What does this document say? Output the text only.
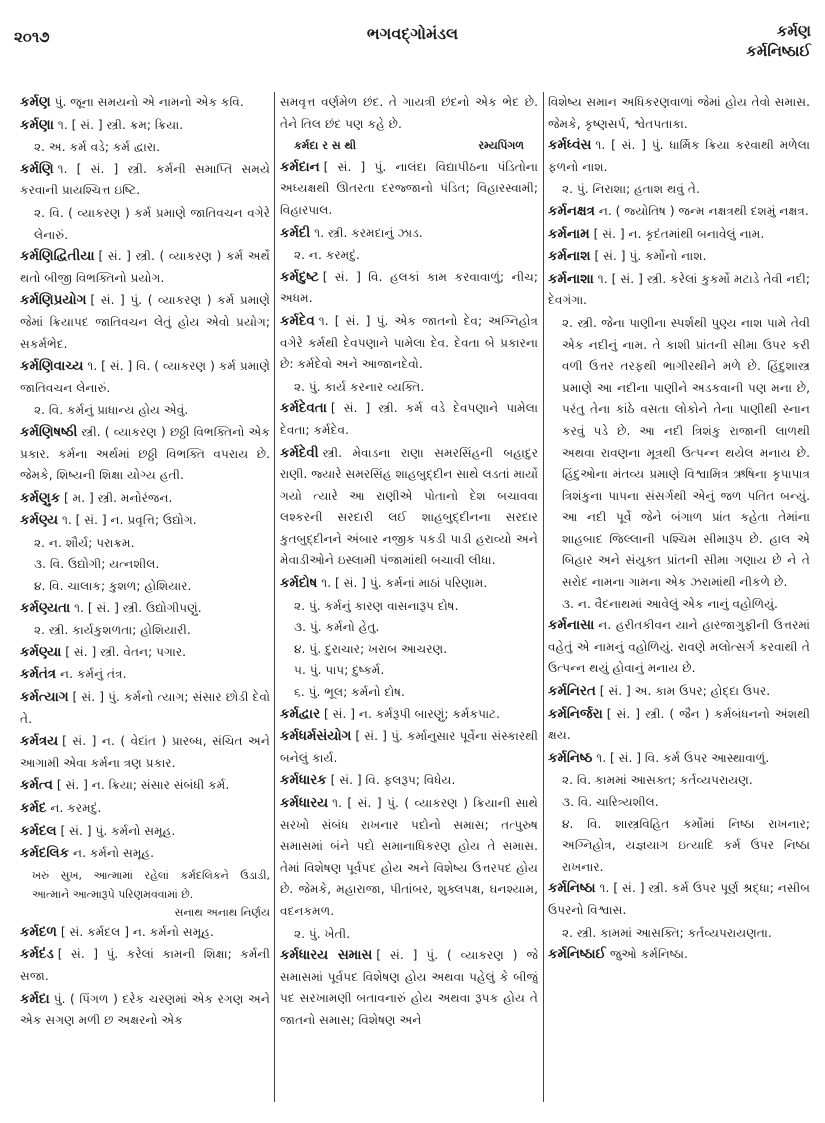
૨૦૧૭	ભગવદ્ગોમંડલ	કર્મણ
કર્મનિષ્ઠાઈ
કર્મણ પું. જૂના સમયનો એ નામનો એક કવિ.
કર્મણા ૧. [ સં. ] સ્ત્રી. ક્રમ; ક્રિયા.
૨. અ. કર્મ વડે; કર્મ દ્વારા.
કર્મણિ ૧. [ સં. ] સ્ત્રી. કર્મની સમાપ્તિ સમયે કરવાની પ્રાયશ્ચિત્ત ઇષ્ટિ.
૨. વિ. ( વ્યાકરણ ) કર્મ પ્રમાણે જાતિવચન વગેરે લેનારું.
કર્મણિદ્વિતીયા [ સં. ] સ્ત્રી. ( વ્યાકરણ ) કર્મ અર્થે થતો બીજી વિભક્તિનો પ્રયોગ.
કર્મણિપ્રયોગ [ સં. ] પું. ( વ્યાકરણ ) કર્મ પ્રમાણે જેમાં ક્રિયાપદ જાતિવચન લેતું હોય એવો પ્રયોગ; સકર્મભેદ.
કર્મણિવાચ્ય ૧. [ સં. ] વિ. ( વ્યાકરણ ) કર્મ પ્રમાણે જાતિવચન લેનારું.
૨. વિ. કર્મનું પ્રાધાન્ય હોય એવું.
કર્મણિષષ્ઠી સ્ત્રી. ( વ્યાકરણ ) છઠ્ઠી વિભક્તિનો એક પ્રકાર. કર્મના અર્થમાં છઠ્ઠી વિભક્તિ વપરાય છે. જેમકે, શિષ્યની શિક્ષા યોગ્ય હતી.
કર્મણુક [ મ. ] સ્ત્રી. મનોરંજન.
કર્મણ્ય ૧. [ સં. ] ન. પ્રવૃત્તિ; ઉદ્યોગ.
૨. ન. શૌર્ય; પરાક્રમ.
૩. વિ. ઉદ્યોગી; યત્નશીલ.
૪. વિ. ચાલાક; કુશળ; હોશિયાર.
કર્મણ્યતા ૧. [ સં. ] સ્ત્રી. ઉદ્યોગીપણું.
૨. સ્ત્રી. કાર્યકુશળતા; હોશિયારી.
કર્મણ્યા [ સં. ] સ્ત્રી. વેતન; પગાર.
કર્મતંત્ર ન. કર્મનું તંત્ર.
કર્મત્યાગ [ સં. ] પું. કર્મનો ત્યાગ; સંસાર છોડી દેવો તે.
કર્મત્રય [ સં. ] ન. ( વેદાંત ) પ્રારબ્ધ, સંચિત અને આગામી એવા કર્મના ત્રણ પ્રકાર.
કર્મત્વ [ સં. ] ન. ક્રિયા; સંસાર સંબંધી કર્મ.
કર્મદ ન. કરમદું.
કર્મદલ [ સં. ] પું. કર્મનો સમૂહ.
કર્મદલિક ન. કર્મનો સમૂહ.
ખરું સુખ, આત્મામાં રહેલાં કર્મદલિકને ઉડાડી, આત્માને આત્મારૂપે પરિણમવવામાં છે.
સનાથ અનાથ નિર્ણય
કર્મદળ [ સં. કર્મદલ ] ન. કર્મનો સમૂહ.
કર્મદંડ [ સં. ] પું. કરેલાં કામની શિક્ષા; કર્મની સજા.
કર્મદા પું. ( પિંગળ ) દરેક ચરણમાં એક રગણ અને એક સગણ મળી છ અક્ષરનો એક
સમવૃત્ત વર્ણમેળ છંદ. તે ગાયત્રી છંદનો એક ભેદ છે. તેને તિલ છંદ પણ કહે છે.
કર્મદા ર સ થી	રમ્યપિંગળ
કર્મદાન [ સં. ] પું. નાલંદા વિદ્યાપીઠના પંડિતોના અધ્યક્ષથી ઊતરતા દરજ્જાનો પંડિત; વિહારસ્વામી; વિહારપાલ.
કર્મદી ૧. સ્ત્રી. કરમદાનું ઝાડ.
૨. ન. કરમદું.
કર્મદુષ્ટ [ સં. ] વિ. હલકાં કામ કરવાવાળું; નીચ; અધમ.
કર્મદેવ ૧. [ સં. ] પું. એક જાતનો દેવ; અગ્નિહોત્ર વગેરે કર્મથી દેવપણાને પામેલા દેવ. દેવતા બે પ્રકારના છે: કર્મદેવો અને આજાનદેવો.
૨. પું. કાર્ય કરનાર વ્યક્તિ.
કર્મદેવતા [ સં. ] સ્ત્રી. કર્મ વડે દેવપણાને પામેલા દેવતા; કર્મદેવ.
કર્મદેવી સ્ત્રી. મેવાડના રાણા સમરસિંહની બહાદુર રાણી. જ્યારે સમરસિંહ શાહબુદ્દીન સાથે લડતાં માર્યો ગયો ત્યારે આ રાણીએ પોતાનો દેશ બચાવવા લશ્કરની સરદારી લઈ શાહબુદ્દીનના સરદાર કુતબુદ્દીનને અંબાર નજીક પકડી પાડી હરાવ્યો અને મેવાડીઓને ઇસ્લામી પંજામાંથી બચાવી લીધા.
કર્મદોષ ૧. [ સં. ] પું. કર્મનાં માઠાં પરિણામ.
૨. પું. કર્મનું કારણ વાસનારૂપ દોષ.
૩. પું. કર્મનો હેતુ.
૪. પું. દુરાચાર; ખરાબ આચરણ.
૫. પું. પાપ; દુષ્કર્મ.
૬. પું. ભૂલ; કર્મનો દોષ.
કર્મદ્વાર [ સં. ] ન. કર્મરૂપી બારણું; કર્મકપાટ.
કર્મધર્મસંયોગ [ સં. ] પું. કર્માનુસાર પૂર્વેના સંસ્કારથી બનેલું કાર્ય.
કર્મધારક [ સં. ] વિ. ફલરૂપ; વિધેય.
કર્મધારય ૧. [ સં. ] પું. ( વ્યાકરણ ) ક્રિયાની સાથે સરખો સંબંધ રાખનાર પદોનો સમાસ; તત્પુરુષ સમાસમાં બંને પદો સમાનાધિકરણ હોય તે સમાસ. તેમાં વિશેષણ પૂર્વપદ હોય અને વિશેષ્ય ઉત્તરપદ હોય છે. જેમકે, મહારાજા, પીતાંબર, શુક્લપક્ષ, ઘનશ્યામ, વદનકમળ.
૨. પું. ખેતી.
કર્મધારય સમાસ [ સં. ] પું. ( વ્યાકરણ ) જે સમાસમાં પૂર્વપદ વિશેષણ હોય અથવા પહેલું કે બીજું પદ સરખામણી બતાવનારું હોય અથવા રૂપક હોય તે જાતનો સમાસ; વિશેષણ અને
વિશેષ્ય સમાન અધિકરણવાળાં જેમાં હોય તેવો સમાસ. જેમકે, કૃષ્ણસર્પ, શ્વેતપતાકા.
કર્મધ્વંસ ૧. [ સં. ] પું. ધાર્મિક ક્રિયા કરવાથી મળેલા ફળનો નાશ.
૨. પું. નિરાશા; હતાશ થવું તે.
કર્મનક્ષત્ર ન. ( જ્યોતિષ ) જન્મ નક્ષત્રથી દશમું નક્ષત્ર.
કર્મનામ [ સં. ] ન. કૃદંતમાંથી બનાવેલું નામ.
કર્મનાશ [ સં. ] પું. કર્મોનો નાશ.
કર્મનાશા ૧. [ સં. ] સ્ત્રી. કરેલાં કુકર્મો મટાડે તેવી નદી; દેવગંગા.
૨. સ્ત્રી. જેના પાણીના સ્પર્શથી પુણ્ય નાશ પામે તેવી એક નદીનું નામ. તે કાશી પ્રાંતની સીમા ઉપર કરી વળી ઉત્તર તરફથી ભાગીરથીને મળે છે. હિંદુશાસ્ત્ર પ્રમાણે આ નદીના પાણીને અડકવાની પણ મના છે, પરંતુ તેના કાંઠે વસતા લોકોને તેના પાણીથી સ્નાન કરવું પડે છે. આ નદી ત્રિશંકુ રાજાની લાળથી અથવા રાવણના મૂત્રથી ઉત્પન્ન થયેલ મનાય છે. હિંદુઓના મંતવ્ય પ્રમાણે વિશ્વામિત્ર ઋષિના કૃપાપાત્ર ત્રિશંકુના પાપના સંસર્ગથી એનું જળ પતિત બન્યું. આ નદી પૂર્વે જેને બંગાળ પ્રાંત કહેતા તેમાંના શાહબાદ જિલ્લાની પશ્ચિમ સીમારૂપ છે. હાલ એ બિહાર અને સંયુક્ત પ્રાંતની સીમા ગણાય છે ને તે સરોદ નામના ગામના એક ઝરામાંથી નીકળે છે.
૩. ન. વૈદનાથમાં આવેલું એક નાનું વહોળિયું.
કર્મનાસા ન. હરીતકીવન યાને હારજાગુફીની ઉત્તરમાં વહેતું એ નામનું વહોળિયું. રાવણે મલોત્સર્ગ કરવાથી તે ઉત્પન્ન થયું હોવાનું મનાય છે.
કર્મનિરત [ સં. ] અ. કામ ઉપર; હોદ્દા ઉપર.
કર્મનિર્જરા [ સં. ] સ્ત્રી. ( જૈન ) કર્મબંધનનો અંશથી ક્ષય.
કર્મનિષ્ઠ ૧. [ સં. ] વિ. કર્મ ઉપર આસ્થાવાળું.
૨. વિ. કામમાં આસક્ત; કર્તવ્યપરાયણ.
૩. વિ. ચારિત્ર્યશીલ.
૪. વિ. શાસ્ત્રવિહિત કર્મોમાં નિષ્ઠા રાખનાર; અગ્નિહોત્ર, યજ્ઞયાગ ઇત્યાદિ કર્મ ઉપર નિષ્ઠા રાખનાર.
કર્મનિષ્ઠા ૧. [ સં. ] સ્ત્રી. કર્મ ઉપર પૂર્ણ શ્રદ્ધા; નસીબ ઉપરનો વિશ્વાસ.
૨. સ્ત્રી. કામમાં આસક્તિ; કર્તવ્યપરાયણતા.
કર્મનિષ્ઠાઈ જુઓ કર્મનિષ્ઠા.
